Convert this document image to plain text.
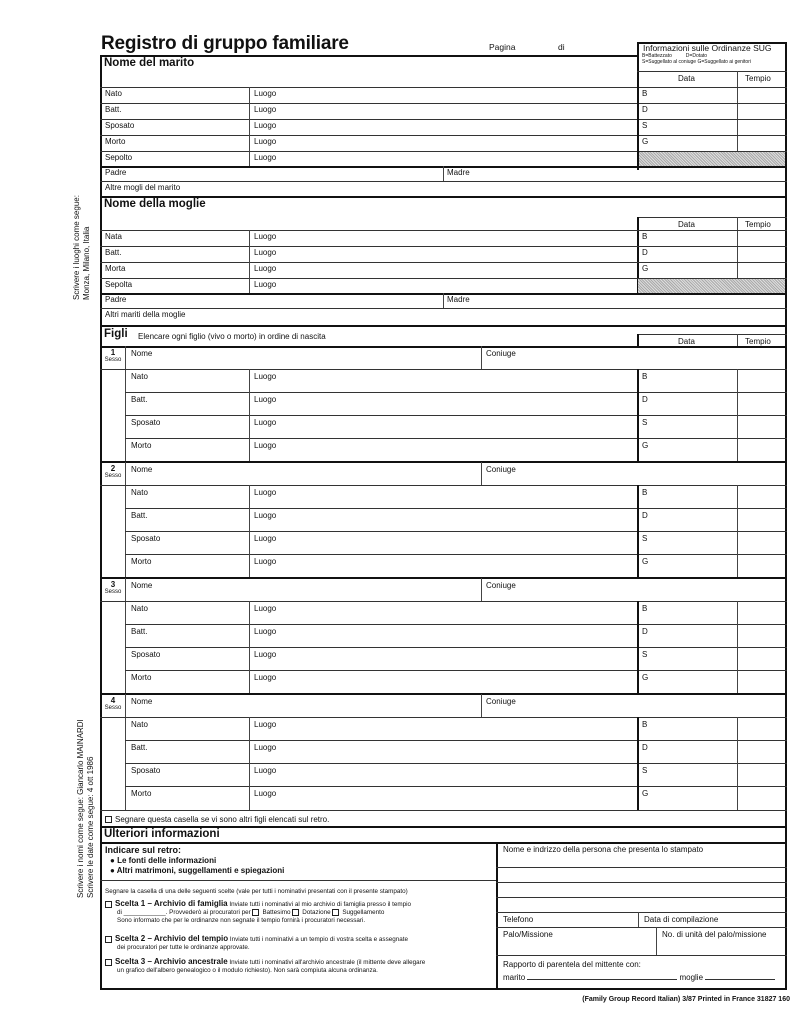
Registro di gruppo familiare	Pagina	di
Scrivere i luoghi come segue: Monza, Milano, Italia
Scrivere i nomi come segue: Giancarlo MAINARDI Scrivere le date come segue: 4 ott 1986
Informazioni sulle Ordinanze SUG
B=Battezzato	D=Dotato
S=Suggellato al coniuge G=Suggellato ai genitori
Data	Tempio
Nome del marito
Nato	Luogo	B
Batt.	Luogo	D
Sposato	Luogo	S
Morto	Luogo	G
Sepolto	Luogo
Padre	Madre
Altre mogli del marito
Nome della moglie
Data	Tempio
Nata	Luogo	B
Batt.	Luogo	D
Morta	Luogo	G
Sepolta	Luogo
Padre	Madre
Altri mariti della moglie
Figli Elencare ogni figlio (vivo o morto) in ordine di nascita
Data	Tempio
1
Sesso
Nome	Coniuge
Nato	Luogo	B
Batt.	Luogo	D
Sposato	Luogo	S
Morto	Luogo	G
2
Sesso
Nome	Coniuge
Nato	Luogo	B
Batt.	Luogo	D
Sposato	Luogo	S
Morto	Luogo	G
3
Sesso
Nome	Coniuge
Nato	Luogo	B
Batt.	Luogo	D
Sposato	Luogo	S
Morto	Luogo	G
4
Sesso
Nome	Coniuge
Nato	Luogo	B
Batt.	Luogo	D
Sposato	Luogo	S
Morto	Luogo	G
Segnare questa casella se vi sono altri figli elencati sul retro.
Ulteriori informazioni
Indicare sul retro:
● Le fonti delle informazioni
● Altri matrimoni, suggellamenti e spiegazioni
Segnare la casella di una delle seguenti scelte (vale per tutti i nominativi presentati con il presente stampato)
Scelta 1 – Archivio di famiglia Inviate tutti i nominativi al mio archivio di famiglia presso il tempio
di ____________. Provvederò ai procuratori per Battesimo Dotazione Suggellamento
Sono informato che per le ordinanze non segnate il tempio fornirà i procuratori necessari.
Scelta 2 – Archivio del tempio Inviate tutti i nominativi a un tempio di vostra scelta e assegnate
dei procuratori per tutte le ordinanze approvate.
Scelta 3 – Archivio ancestrale Inviate tutti i nominativi all'archivio ancestrale (il mittente deve allegare
un grafico dell'albero genealogico o il modulo richiesto). Non sarà compiuta alcuna ordinanza.
Nome e indrizzo della persona che presenta lo stampato
Telefono	Data di compilazione
Palo/Missione	No. di unità del palo/missione
Rapporto di parentela del mittente con:
marito	moglie
(Family Group Record Italian) 3/87 Printed in France 31827 160
